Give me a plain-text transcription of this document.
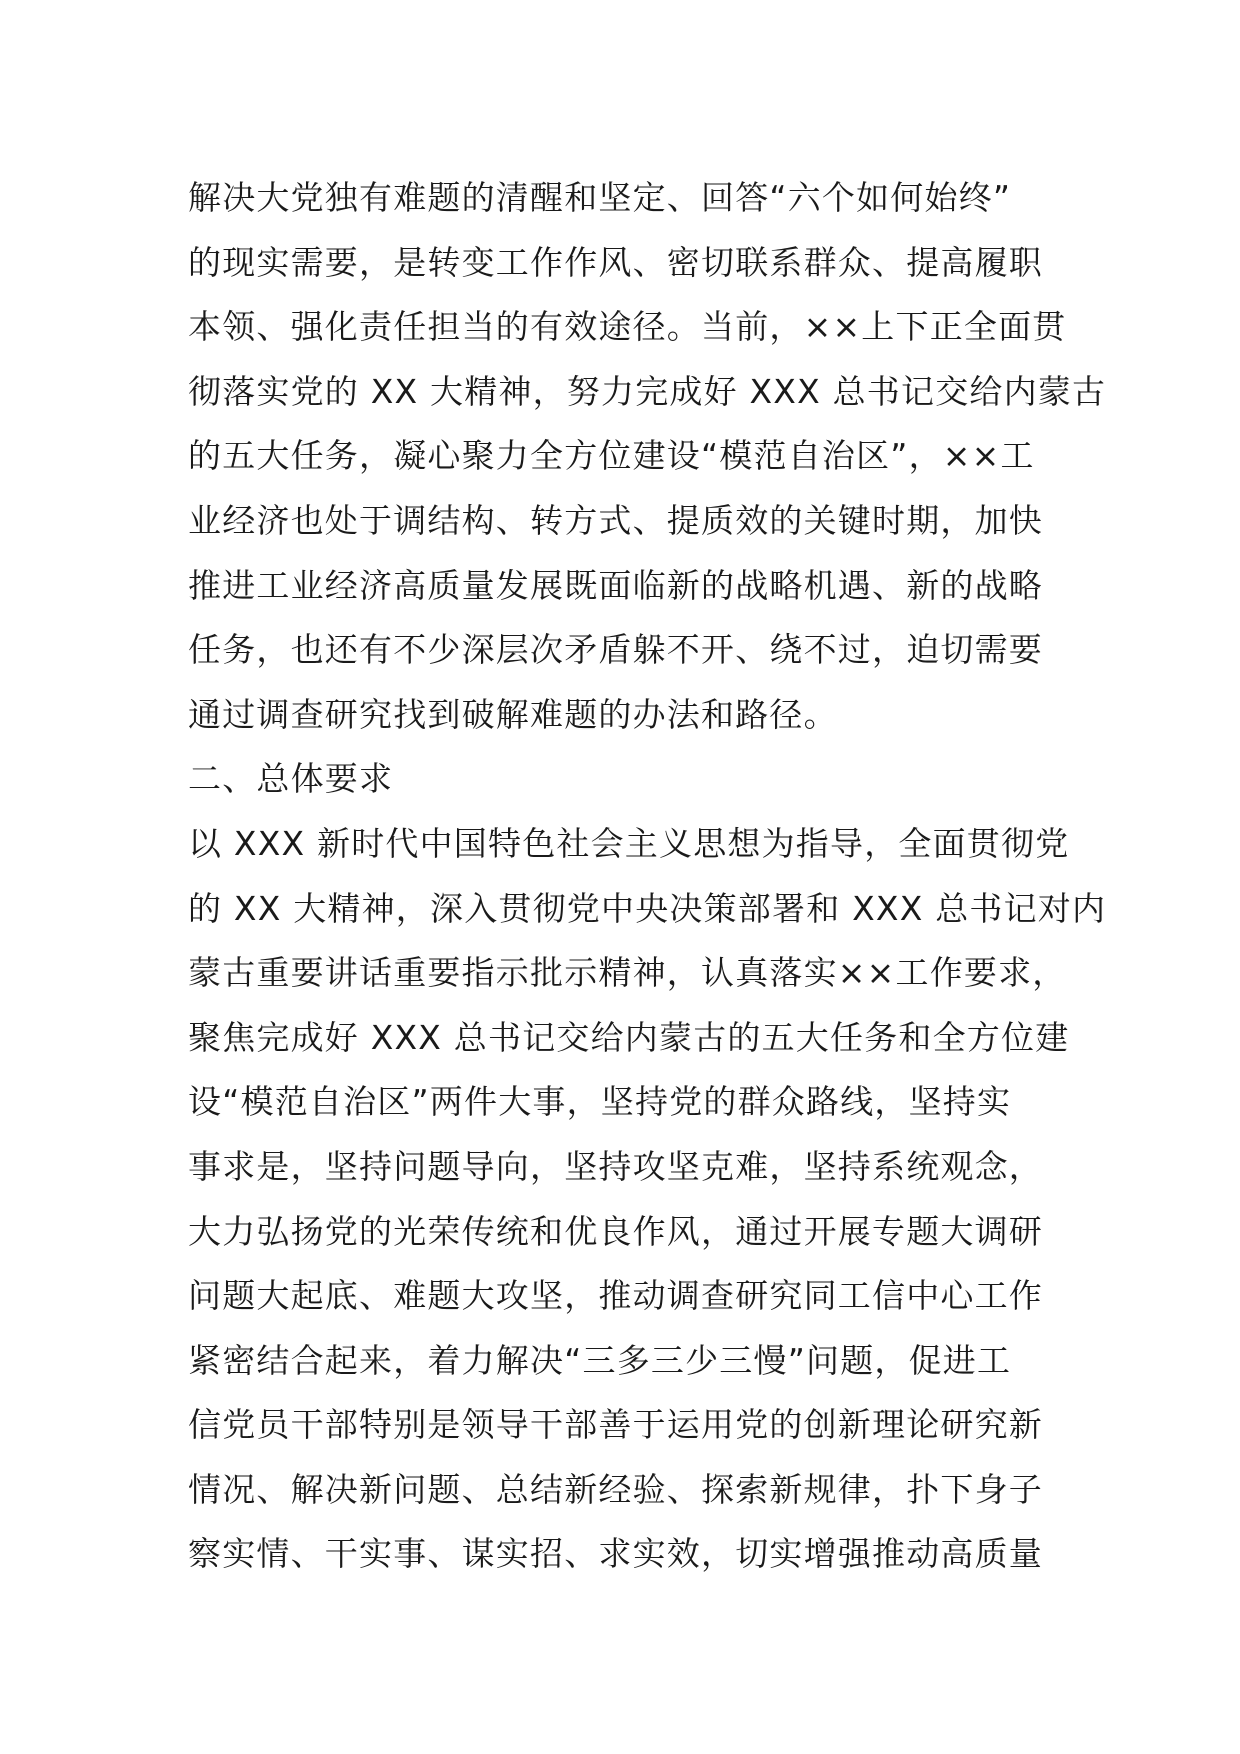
解决大党独有难题的清醒和坚定、回答“六个如何始终”
的现实需要，是转变工作作风、密切联系群众、提高履职
本领、强化责任担当的有效途径。当前，××上下正全面贯
彻落实党的 XX 大精神，努力完成好 XXX 总书记交给内蒙古
的五大任务，凝心聚力全方位建设“模范自治区”，××工
业经济也处于调结构、转方式、提质效的关键时期，加快
推进工业经济高质量发展既面临新的战略机遇、新的战略
任务，也还有不少深层次矛盾躲不开、绕不过，迫切需要
通过调查研究找到破解难题的办法和路径。
二、总体要求
以 XXX 新时代中国特色社会主义思想为指导，全面贯彻党
的 XX 大精神，深入贯彻党中央决策部署和 XXX 总书记对内
蒙古重要讲话重要指示批示精神，认真落实××工作要求，
聚焦完成好 XXX 总书记交给内蒙古的五大任务和全方位建
设“模范自治区”两件大事，坚持党的群众路线，坚持实
事求是，坚持问题导向，坚持攻坚克难，坚持系统观念，
大力弘扬党的光荣传统和优良作风，通过开展专题大调研
问题大起底、难题大攻坚，推动调查研究同工信中心工作
紧密结合起来，着力解决“三多三少三慢”问题，促进工
信党员干部特别是领导干部善于运用党的创新理论研究新
情况、解决新问题、总结新经验、探索新规律，扑下身子
察实情、干实事、谋实招、求实效，切实增强推动高质量
